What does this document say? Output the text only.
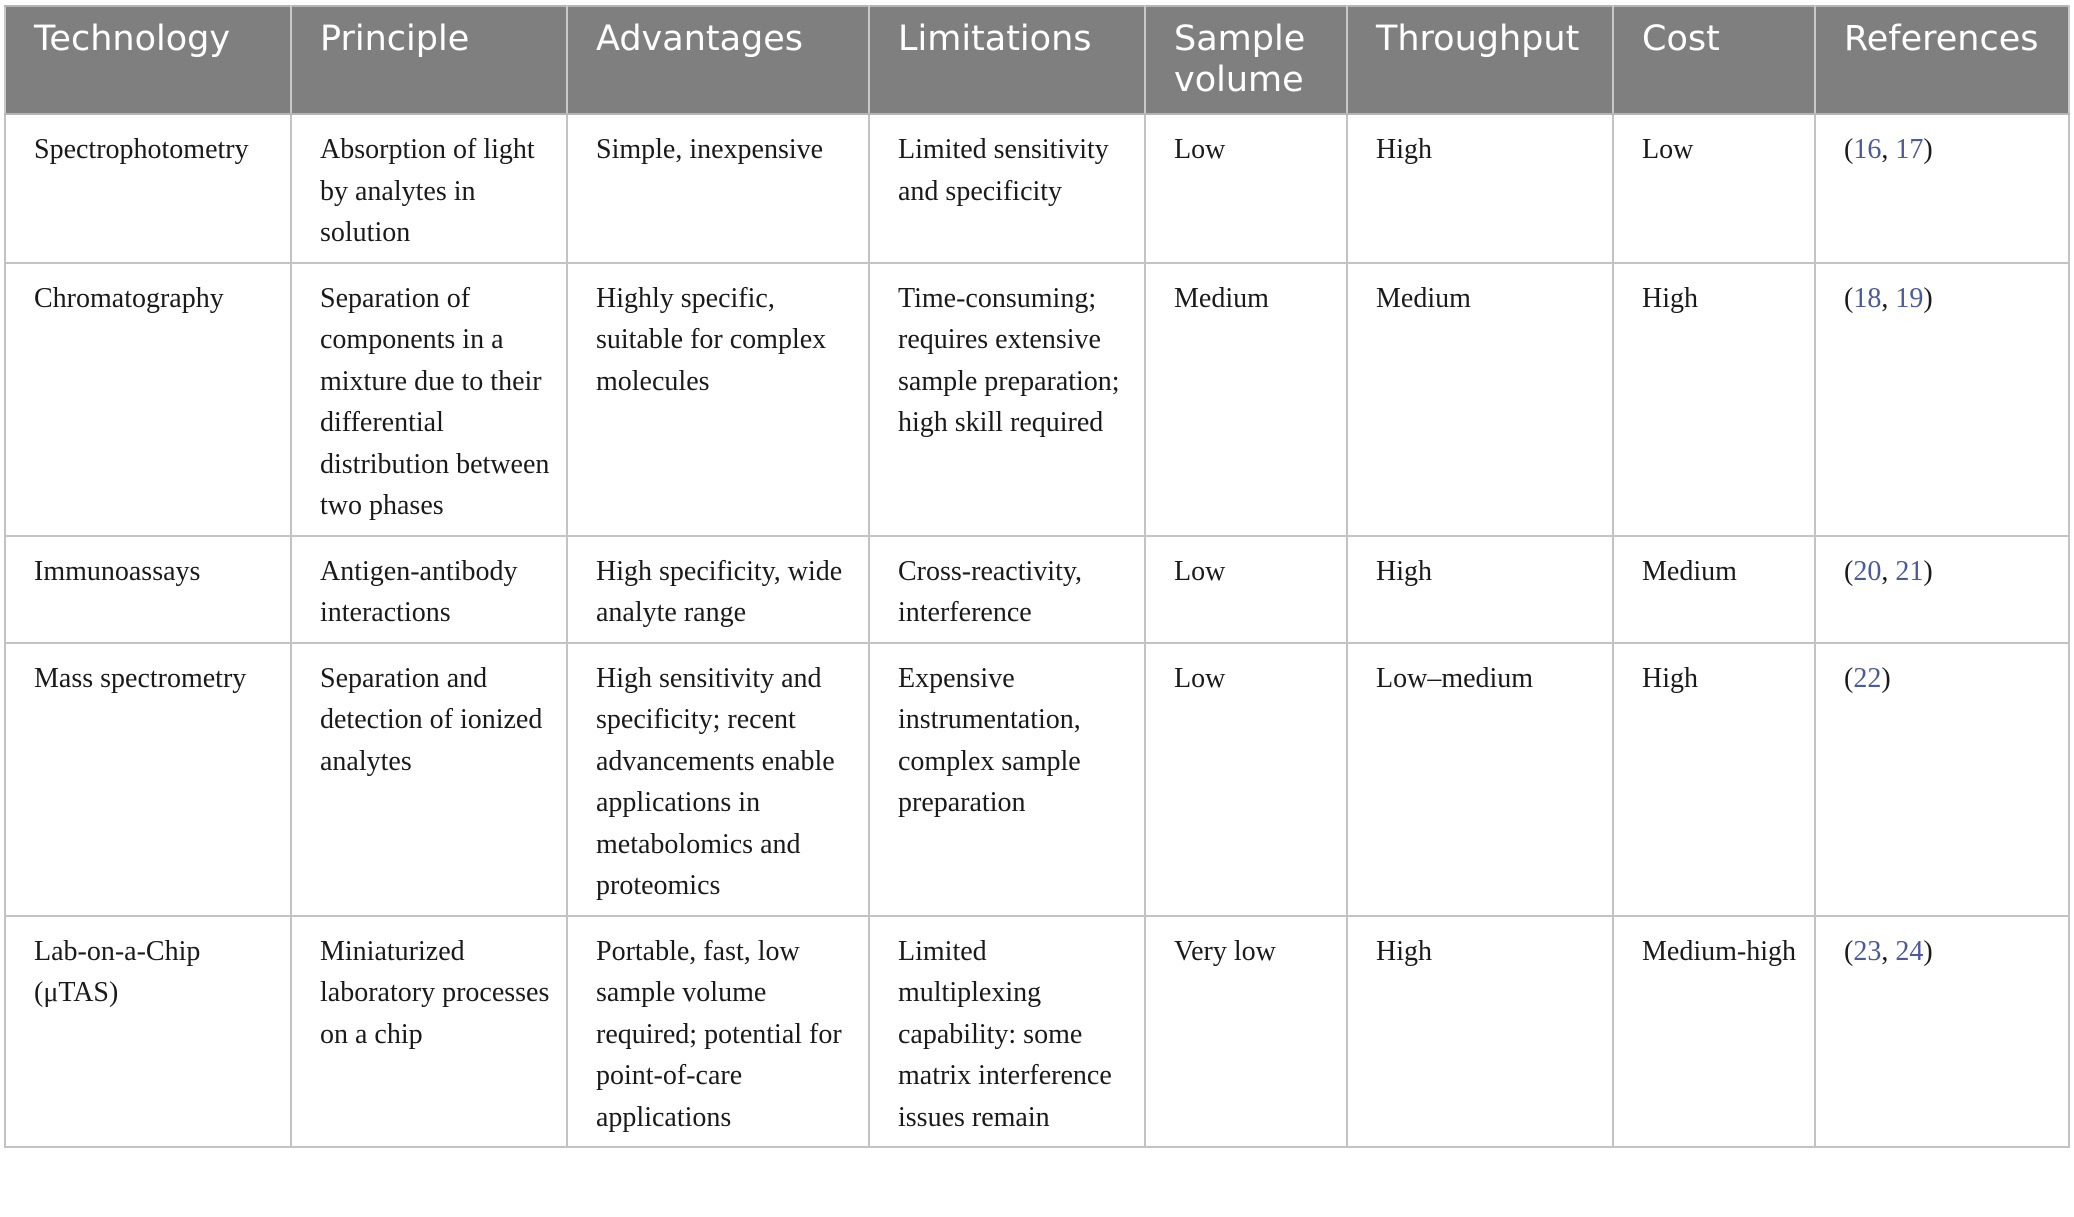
Technology	Principle	Advantages	Limitations	Sample volume	Throughput	Cost	References
Spectrophotometry	Absorption of light by analytes in solution	Simple, inexpensive	Limited sensitivity and specificity	Low	High	Low	(16, 17)
Chromatography	Separation of components in a mixture due to their differential distribution between two phases	Highly specific, suitable for complex molecules	Time-consuming; requires extensive sample preparation; high skill required	Medium	Medium	High	(18, 19)
Immunoassays	Antigen-antibody interactions	High specificity, wide analyte range	Cross-reactivity, interference	Low	High	Medium	(20, 21)
Mass spectrometry	Separation and detection of ionized analytes	High sensitivity and specificity; recent advancements enable applications in metabolomics and proteomics	Expensive instrumentation, complex sample preparation	Low	Low–medium	High	(22)
Lab-on-a-Chip (μTAS)	Miniaturized laboratory processes on a chip	Portable, fast, low sample volume required; potential for point-of-care applications	Limited multiplexing capability: some matrix interference issues remain	Very low	High	Medium-high	(23, 24)
